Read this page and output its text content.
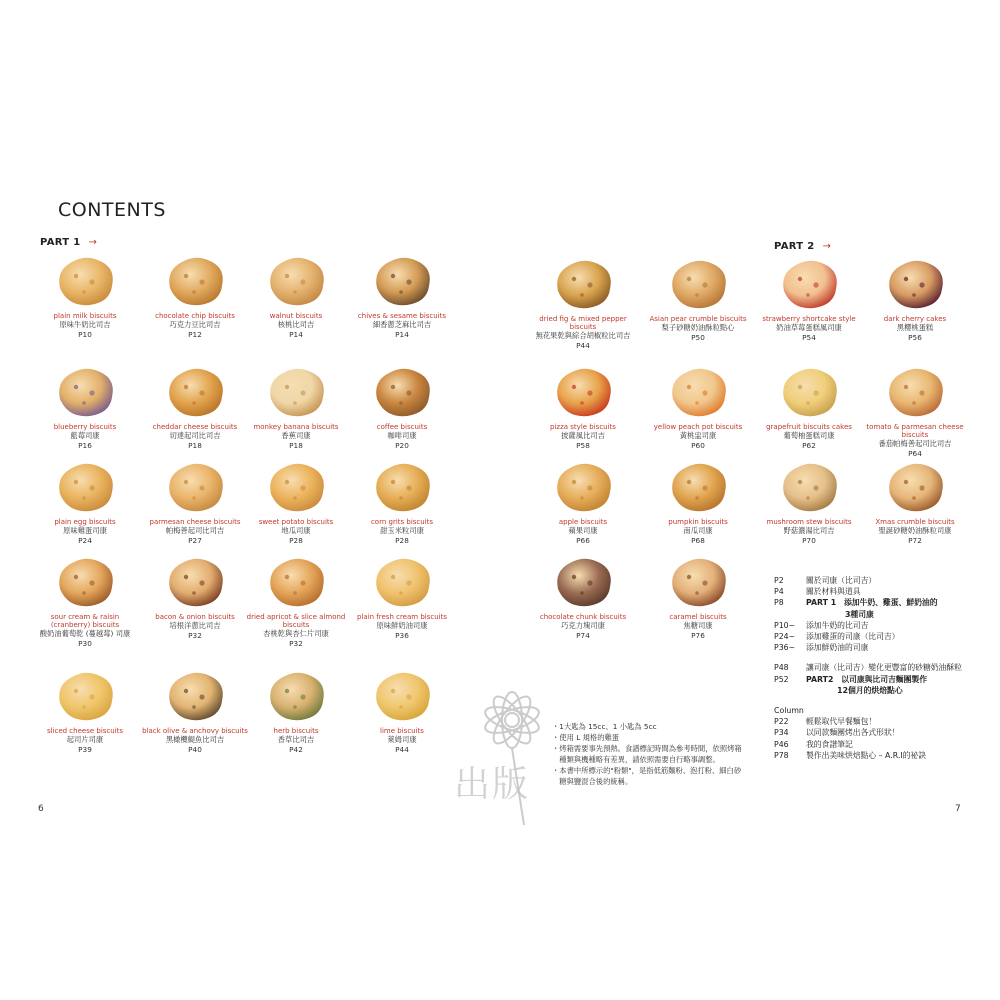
CONTENTS
PART 1 →	PART 2 →
plain milk biscuits
原味牛奶比司吉
P10
chocolate chip biscuits
巧克力豆比司吉
P12
walnut biscuits
核桃比司吉
P14
chives & sesame biscuits
細香蔥芝麻比司吉
P14
blueberry biscuits
藍莓司康
P16
cheddar cheese biscuits
切達起司比司吉
P18
monkey banana biscuits
香蕉司康
P18
coffee biscuits
咖啡司康
P20
plain egg biscuits
原味雞蛋司康
P24
parmesan cheese biscuits
帕梅善起司比司吉
P27
sweet potato biscuits
地瓜司康
P28
corn grits biscuits
甜玉米粒司康
P28
sour cream & raisin (cranberry) biscuits
酸奶油葡萄乾 (蔓越莓) 司康
P30
bacon & onion biscuits
培根洋蔥比司吉
P32
dried apricot & slice almond biscuits
杏桃乾與杏仁片司康
P32
plain fresh cream biscuits
原味鮮奶油司康
P36
sliced cheese biscuits
起司片司康
P39
black olive & anchovy biscuits
黑橄欖鯷魚比司吉
P40
herb biscuits
香草比司吉
P42
lime biscuits
萊姆司康
P44
dried fig & mixed pepper biscuits
無花果乾與綜合胡椒粒比司吉
P44
Asian pear crumble biscuits
梨子砂糖奶油酥粒點心
P50
strawberry shortcake style
奶油草莓蛋糕風司康
P54
dark cherry cakes
黑櫻桃蛋糕
P56
pizza style biscuits
披薩風比司吉
P58
yellow peach pot biscuits
黃桃盅司康
P60
grapefruit biscuits cakes
葡萄柚蛋糕司康
P62
tomato & parmesan cheese biscuits
番茄帕梅善起司比司吉
P64
apple biscuits
蘋果司康
P66
pumpkin biscuits
南瓜司康
P68
mushroom stew biscuits
野菇濃湯比司吉
P70
Xmas crumble biscuits
聖誕砂糖奶油酥粒司康
P72
chocolate chunk biscuits
巧克力塊司康
P74
caramel biscuits
焦糖司康
P76
6	7
・1大匙為 15cc、1 小匙為 5cc
・使用 L 規格的雞蛋
・烤箱需要事先預熱。食譜標記時間為參考時間，依照烤箱
　種類與機種略有差異，請依照需要自行略事調整。
・本書中所標示的"粉類"，是指低筋麵粉、泡打粉、細白砂
　糖與鹽混合後的統稱。
P2	關於司康（比司吉）
P4	關於材料與道具
P8	PART 1　添加牛奶、雞蛋、鮮奶油的
　　　　　3種司康
P10~	添加牛奶的比司吉
P24~	添加雞蛋的司康（比司吉）
P36~	添加鮮奶油的司康
P48	讓司康（比司吉）變化更豐富的砂糖奶油酥粒
P52	PART2　以司康與比司吉麵團製作
　　　　12個月的烘焙點心
Column
P22	輕鬆取代早餐麵包！
P34	以同款麵團烤出各式形狀！
P46	我的食譜筆記
P78	製作出美味烘焙點心 – A.R.I的祕訣
出版
